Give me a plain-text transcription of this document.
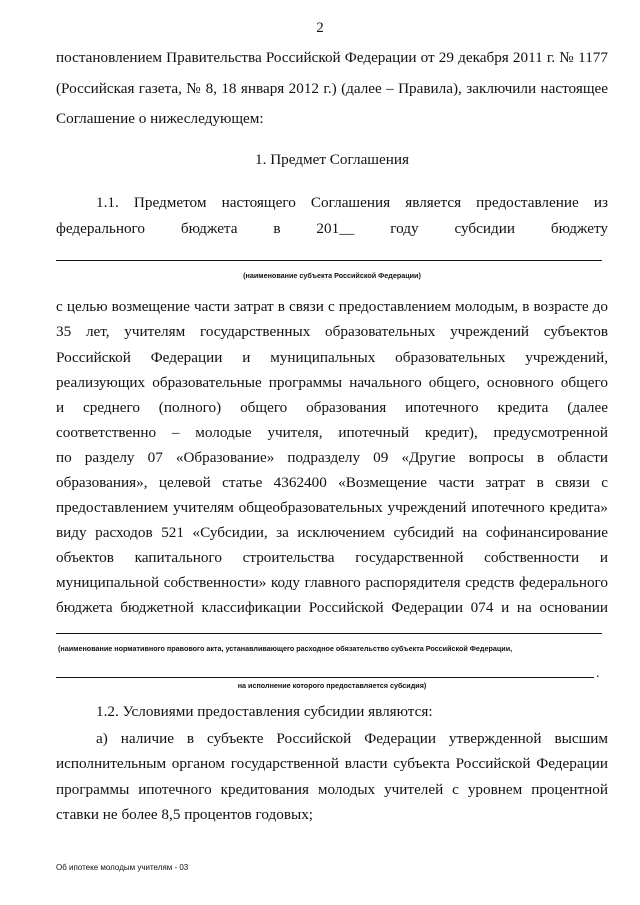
2

постановлением Правительства Российской Федерации от 29 декабря 2011 г. № 1177

(Российская газета, № 8, 18 января 2012 г.) (далее – Правила), заключили настоящее

Соглашение о нижеследующем:

1. Предмет Соглашения

1.1. Предметом настоящего Соглашения является предоставление из

федерального бюджета в 201__ году субсидии бюджету

(наименование субъекта Российской Федерации)

с целью возмещение части затрат в связи с предоставлением молодым, в возрасте до

35 лет, учителям государственных образовательных учреждений субъектов

Российской Федерации и муниципальных образовательных учреждений,

реализующих образовательные программы начального общего, основного общего

и среднего (полного) общего образования ипотечного кредита (далее

соответственно – молодые учителя, ипотечный кредит), предусмотренной

по разделу 07 «Образование» подразделу 09 «Другие вопросы в области

образования», целевой статье 4362400 «Возмещение части затрат в связи с

предоставлением учителям общеобразовательных учреждений ипотечного кредита»

виду расходов 521 «Субсидии, за исключением субсидий на софинансирование

объектов капитального строительства государственной собственности и

муниципальной собственности» коду главного распорядителя средств федерального

бюджета бюджетной классификации Российской Федерации 074 и на основании

(наименование нормативного правового акта, устанавливающего расходное обязательство субъекта Российской Федерации,
.
на исполнение которого предоставляется субсидия)

1.2. Условиями предоставления субсидии являются:

а) наличие в субъекте Российской Федерации утвержденной высшим

исполнительным органом государственной власти субъекта Российской Федерации

программы ипотечного кредитования молодых учителей с уровнем процентной

ставки не более 8,5 процентов годовых;

Об ипотеке молодым учителям - 03
